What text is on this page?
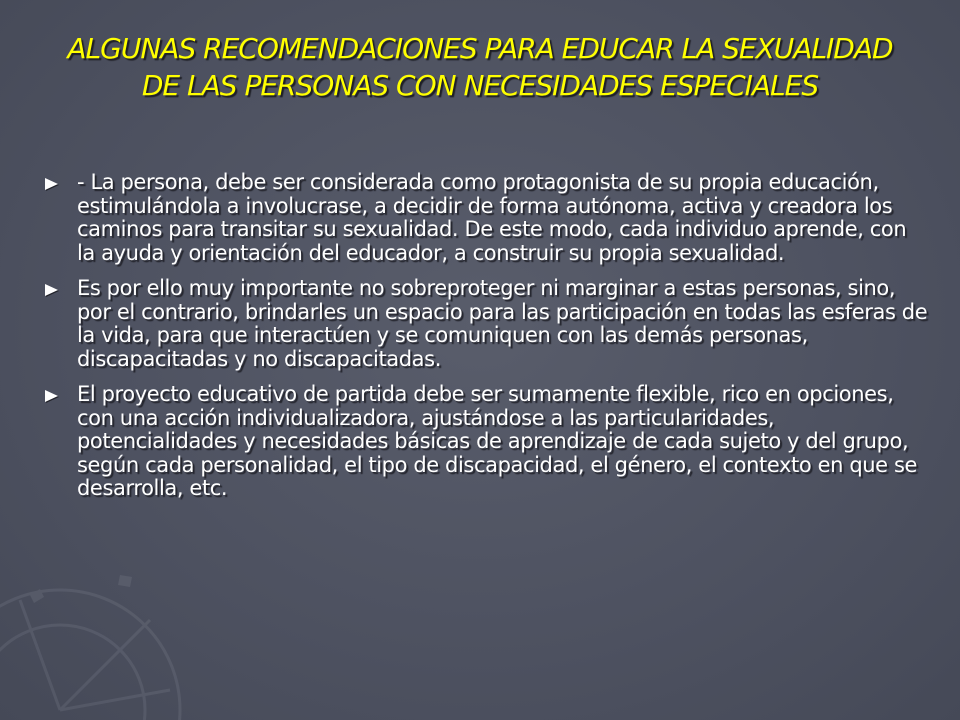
ALGUNAS RECOMENDACIONES PARA EDUCAR LA SEXUALIDAD DE LAS PERSONAS CON NECESIDADES ESPECIALES
- La persona, debe ser considerada como protagonista de su propia educación, estimulándola a involucrase, a decidir de forma autónoma, activa y creadora los caminos para transitar su sexualidad. De este modo, cada individuo aprende, con la ayuda y orientación del educador, a construir su propia sexualidad.
Es por ello muy importante no sobreproteger ni marginar a estas personas, sino, por el contrario, brindarles un espacio para las participación en todas las esferas de la vida, para que interactúen y se comuniquen con las demás personas, discapacitadas y no discapacitadas.
El proyecto educativo de partida debe ser sumamente flexible, rico en opciones, con una acción individualizadora, ajustándose a las particularidades, potencialidades y necesidades básicas de aprendizaje de cada sujeto y del grupo, según cada personalidad, el tipo de discapacidad, el género, el contexto en que se desarrolla, etc.
